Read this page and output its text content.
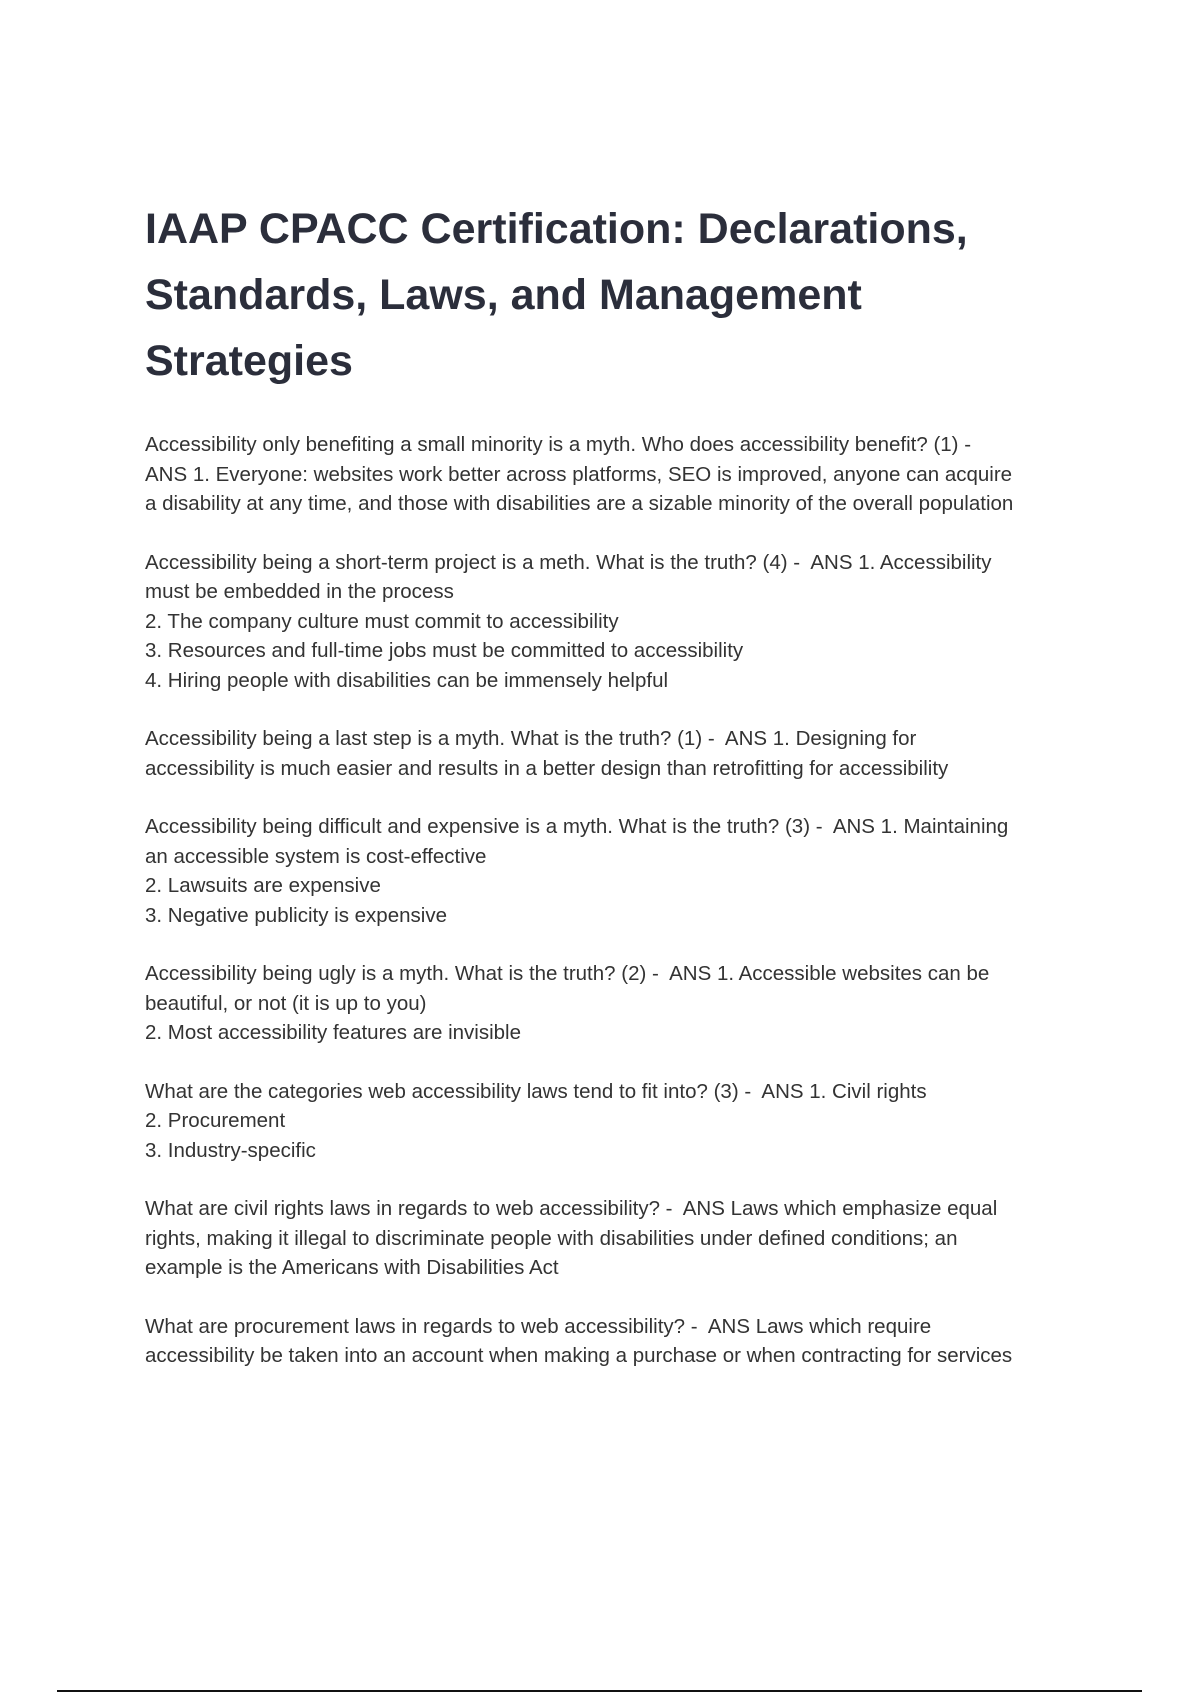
IAAP CPACC Certification: Declarations,
Standards, Laws, and Management
Strategies
Accessibility only benefiting a small minority is a myth. Who does accessibility benefit? (1) -
ANS 1. Everyone: websites work better across platforms, SEO is improved, anyone can acquire
a disability at any time, and those with disabilities are a sizable minority of the overall population
Accessibility being a short-term project is a meth. What is the truth? (4) -  ANS 1. Accessibility
must be embedded in the process
2. The company culture must commit to accessibility
3. Resources and full-time jobs must be committed to accessibility
4. Hiring people with disabilities can be immensely helpful
Accessibility being a last step is a myth. What is the truth? (1) -  ANS 1. Designing for
accessibility is much easier and results in a better design than retrofitting for accessibility
Accessibility being difficult and expensive is a myth. What is the truth? (3) -  ANS 1. Maintaining
an accessible system is cost-effective
2. Lawsuits are expensive
3. Negative publicity is expensive
Accessibility being ugly is a myth. What is the truth? (2) -  ANS 1. Accessible websites can be
beautiful, or not (it is up to you)
2. Most accessibility features are invisible
What are the categories web accessibility laws tend to fit into? (3) -  ANS 1. Civil rights
2. Procurement
3. Industry-specific
What are civil rights laws in regards to web accessibility? -  ANS Laws which emphasize equal
rights, making it illegal to discriminate people with disabilities under defined conditions; an
example is the Americans with Disabilities Act
What are procurement laws in regards to web accessibility? -  ANS Laws which require
accessibility be taken into an account when making a purchase or when contracting for services
